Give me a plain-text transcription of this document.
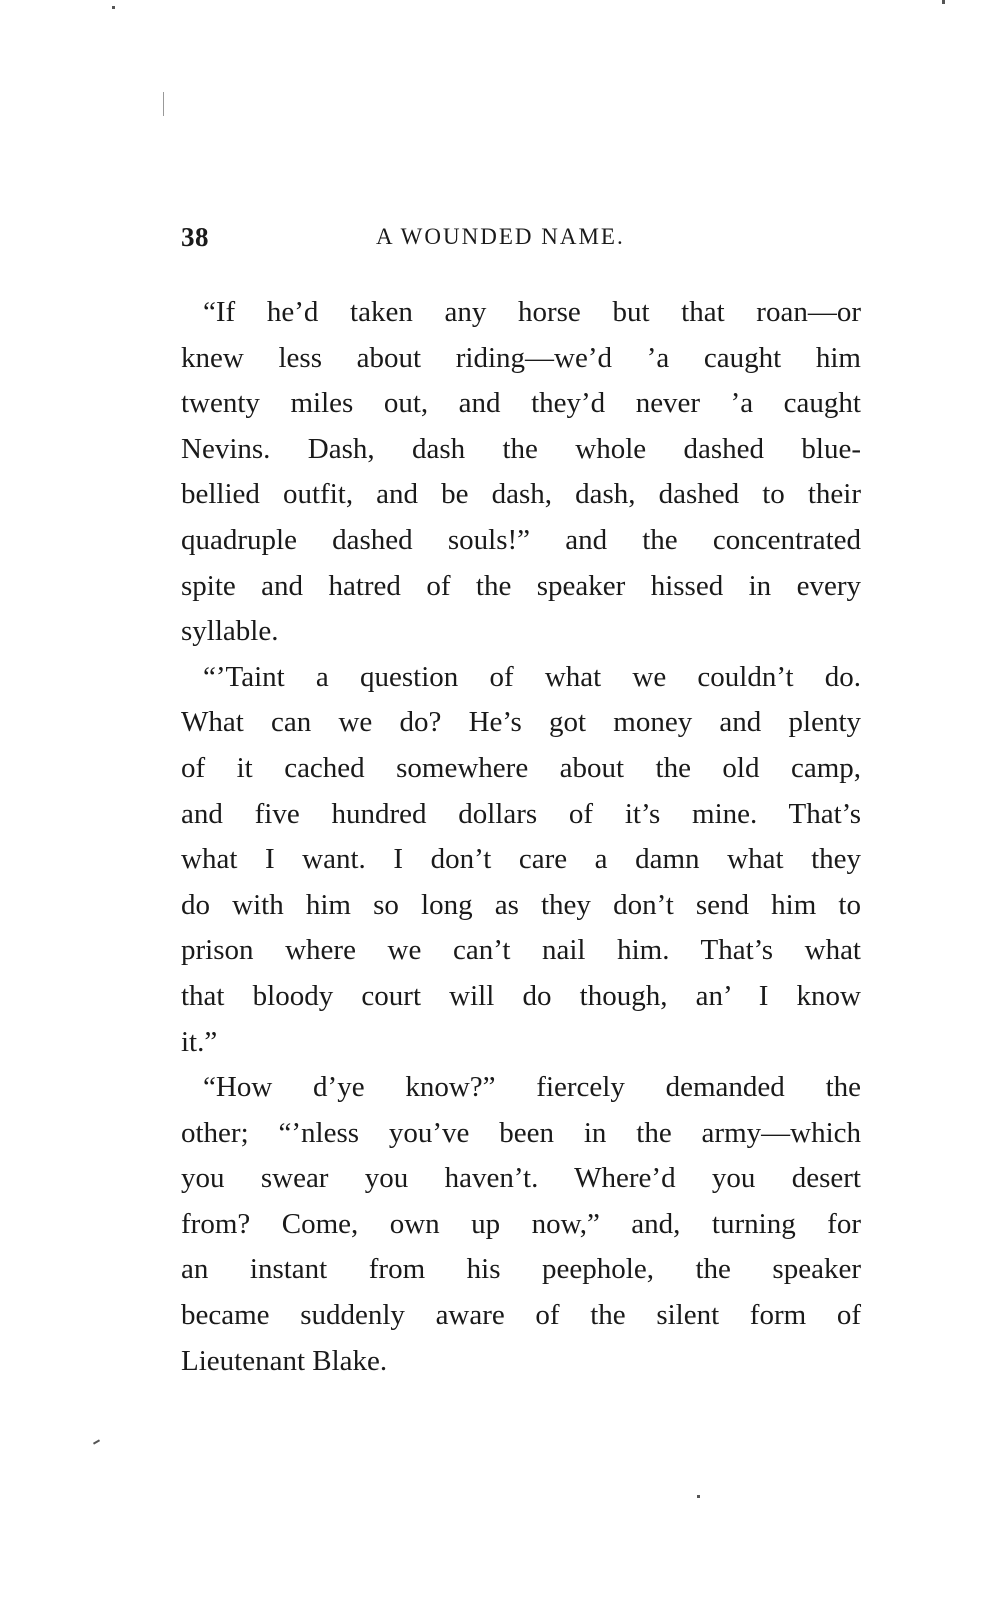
38	A WOUNDED NAME.
“If he’d taken any horse but that roan—or
knew less about riding—we’d ’a caught him
twenty miles out, and they’d never ’a caught
Nevins. Dash, dash the whole dashed blue-
bellied outfit, and be dash, dash, dashed to their
quadruple dashed souls!” and the concentrated
spite and hatred of the speaker hissed in every
syllable.
“’Taint a question of what we couldn’t do.
What can we do? He’s got money and plenty
of it cached somewhere about the old camp,
and five hundred dollars of it’s mine. That’s
what I want. I don’t care a damn what they
do with him so long as they don’t send him to
prison where we can’t nail him. That’s what
that bloody court will do though, an’ I know
it.”
“How d’ye know?” fiercely demanded the
other; “’nless you’ve been in the army—which
you swear you haven’t. Where’d you desert
from? Come, own up now,” and, turning for
an instant from his peephole, the speaker
became suddenly aware of the silent form of
Lieutenant Blake.
